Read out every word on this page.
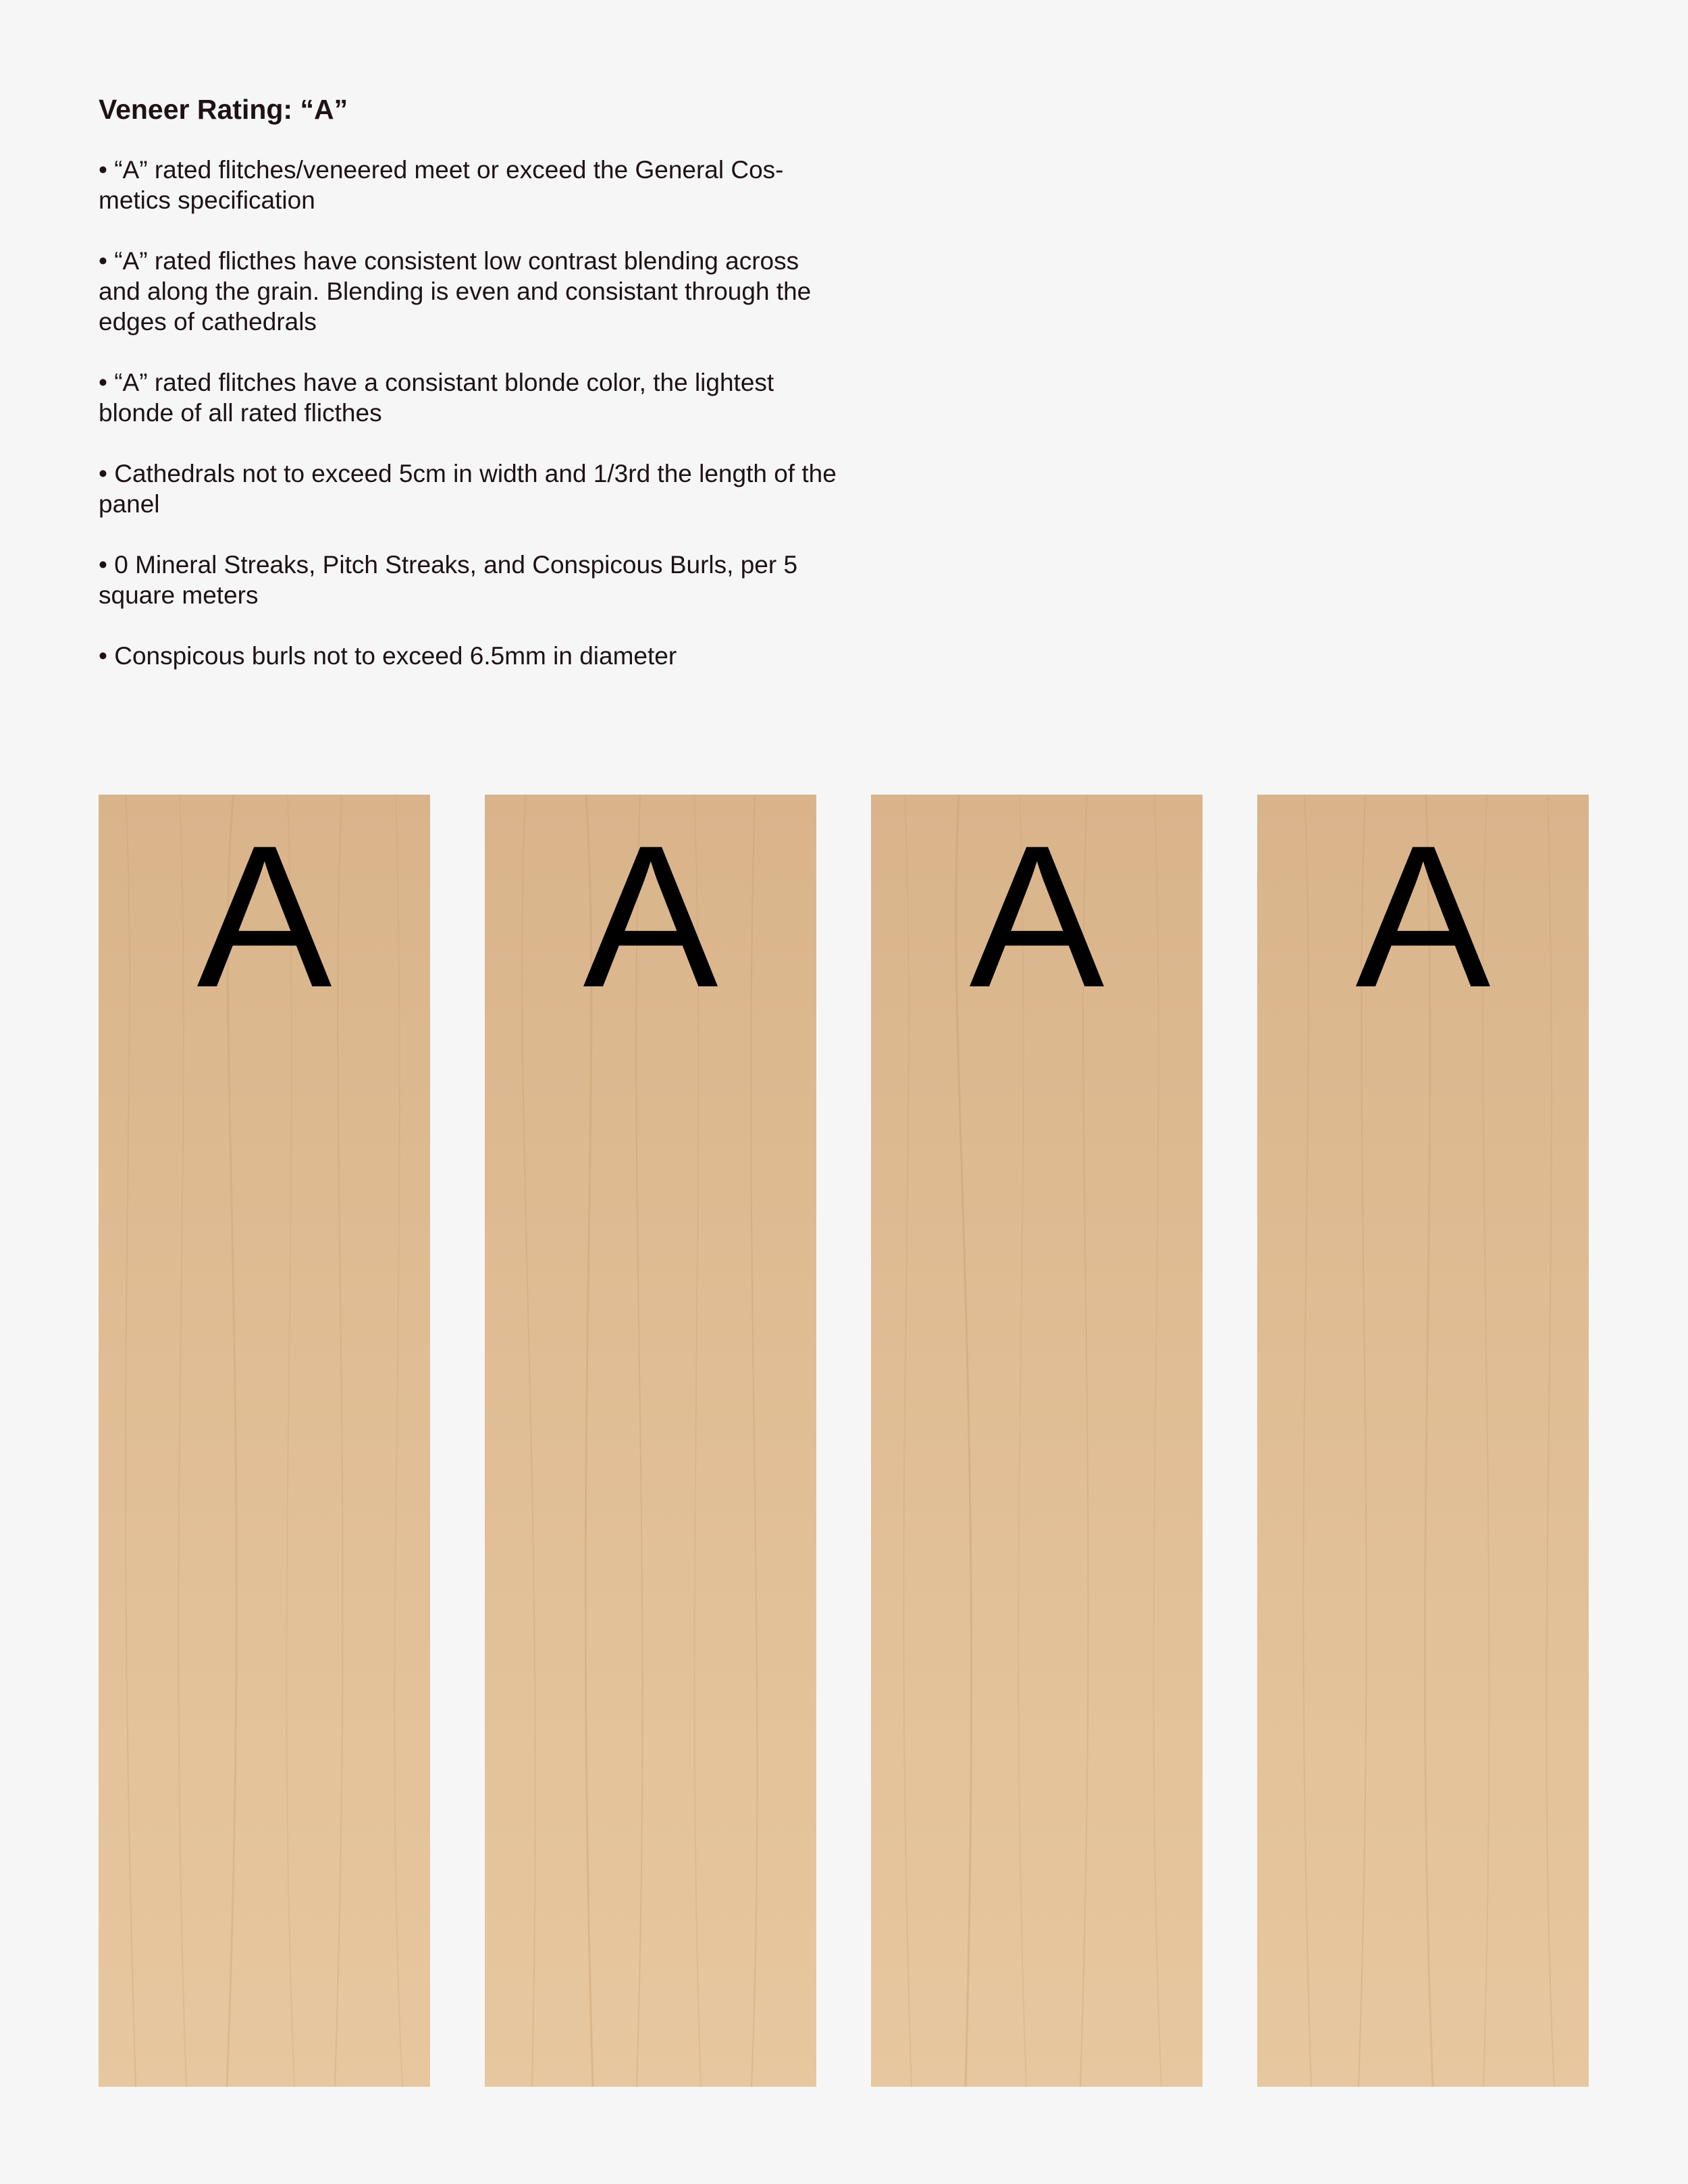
Veneer Rating: “A”
• “A” rated flitches/veneered meet or exceed the General Cos-metics specification
• “A” rated flicthes have consistent low contrast blending across and along the grain. Blending is even and consistant through the edges of cathedrals
• “A” rated flitches have a consistant blonde color, the lightest blonde of all rated flicthes
• Cathedrals not to exceed 5cm in width and 1/3rd the length of the panel
• 0 Mineral Streaks, Pitch Streaks, and Conspicous Burls, per 5 square meters
• Conspicous burls not to exceed 6.5mm in diameter
A	A	A	A
